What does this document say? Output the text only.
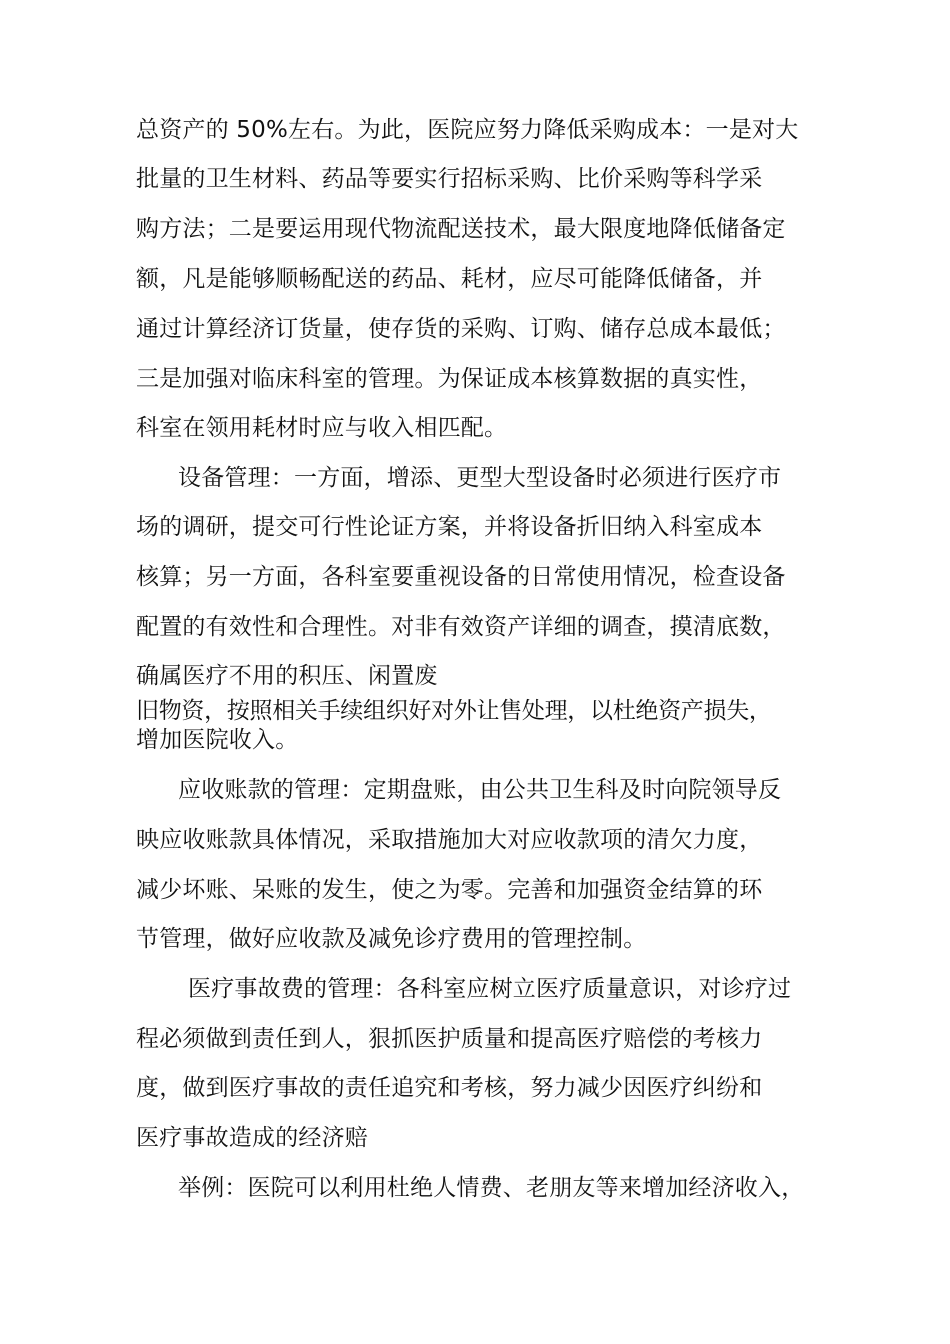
总资产的 50%左右。为此，医院应努力降低采购成本：一是对大
批量的卫生材料、药品等要实行招标采购、比价采购等科学采
购方法；二是要运用现代物流配送技术，最大限度地降低储备定
额，凡是能够顺畅配送的药品、耗材，应尽可能降低储备，并
通过计算经济订货量，使存货的采购、订购、储存总成本最低；
三是加强对临床科室的管理。为保证成本核算数据的真实性，
科室在领用耗材时应与收入相匹配。
设备管理：一方面，增添、更型大型设备时必须进行医疗市
场的调研，提交可行性论证方案，并将设备折旧纳入科室成本
核算；另一方面，各科室要重视设备的日常使用情况，检查设备
配置的有效性和合理性。对非有效资产详细的调查，摸清底数，
确属医疗不用的积压、闲置废
旧物资，按照相关手续组织好对外让售处理，以杜绝资产损失，
增加医院收入。
应收账款的管理：定期盘账，由公共卫生科及时向院领导反
映应收账款具体情况，采取措施加大对应收款项的清欠力度，
减少坏账、呆账的发生，使之为零。完善和加强资金结算的环
节管理，做好应收款及减免诊疗费用的管理控制。
医疗事故费的管理：各科室应树立医疗质量意识，对诊疗过
程必须做到责任到人，狠抓医护质量和提高医疗赔偿的考核力
度，做到医疗事故的责任追究和考核，努力减少因医疗纠纷和
医疗事故造成的经济赔
举例：医院可以利用杜绝人情费、老朋友等来增加经济收入，
